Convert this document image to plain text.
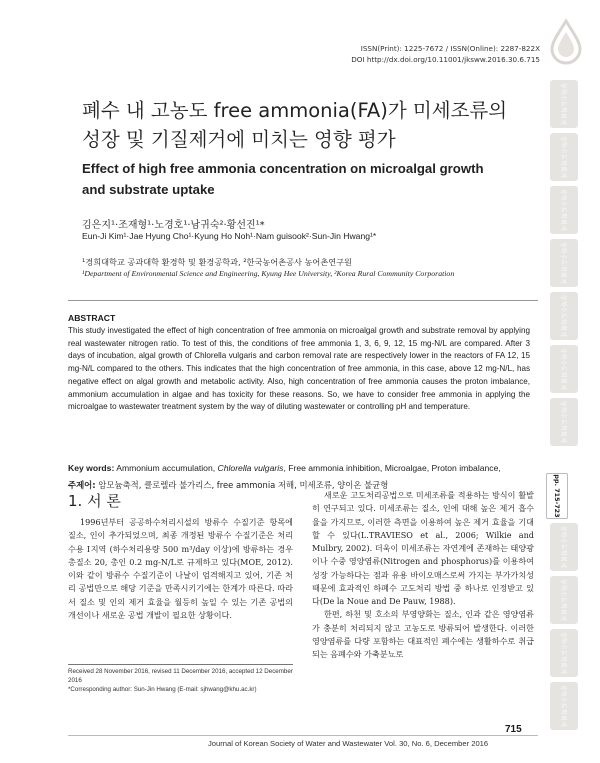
ISSN(Print): 1225-7672 / ISSN(Online): 2287-822X
DOI http://dx.doi.org/10.11001/jksww.2016.30.6.715
폐수 내 고농도 free ammonia(FA)가 미세조류의
성장 및 기질제거에 미치는 영향 평가
Effect of high free ammonia concentration on microalgal growth
and substrate uptake
김은지¹·조재형¹·노경호¹·남귀숙²·황선진¹*
Eun-Ji Kim¹·Jae Hyung Cho¹·Kyung Ho Noh¹·Nam guisook²·Sun-Jin Hwang¹*
¹경희대학교 공과대학 환경학 및 환경공학과, ²한국농어촌공사 농어촌연구원
¹Department of Environmental Science and Engineering, Kyung Hee University, ²Korea Rural Community Corporation
ABSTRACT
This study investigated the effect of high concentration of free ammonia on microalgal growth and substrate removal by applying real wastewater nitrogen ratio. To test of this, the conditions of free ammonia 1, 3, 6, 9, 12, 15 mg-N/L are compared. After 3 days of incubation, algal growth of Chlorella vulgaris and carbon removal rate are respectively lower in the reactors of FA 12, 15 mg-N/L compared to the others. This indicates that the high concentration of free ammonia, in this case, above 12 mg-N/L, has negative effect on algal growth and metabolic activity. Also, high concentration of free ammonia causes the proton imbalance, ammonium accumulation in algae and has toxicity for these reasons. So, we have to consider free ammonia in applying the microalgae to wastewater treatment system by the way of diluting wastewater or controlling pH and temperature.
Key words: Ammonium accumulation, Chlorella vulgaris, Free ammonia inhibition, Microalgae, Proton imbalance,
주제어: 암모늄축적, 클로렐라 불가리스, free ammonia 저해, 미세조류, 양이온 불균형
1. 서 론

1996년부터 공공하수처리시설의 방류수 수질기준 항목에 질소, 인이 추가되었으며, 최종 개정된 방류수 수질기준은 처리수용 Ⅰ지역 (하수처리용량 500 m³/day 이상)에 방류하는 경우 총질소 20, 총인 0.2 mg-N/L로 규제하고 있다(MOE, 2012). 이와 같이 방류수 수질기준이 나날이 엄격해지고 있어, 기존 처리 공법만으로 해당 기준을 만족시키기에는 한계가 따른다. 따라서 질소 및 인의 제거 효율을 월등히 높일 수 있는 기존 공법의 개선이나 새로운 공법 개발이 필요한 상황이다.

새로운 고도처리공법으로 미세조류를 적용하는 방식이 활발히 연구되고 있다. 미세조류는 질소, 인에 대해 높은 제거 흡수율을 가지므로, 이러한 측면을 이용하여 높은 제거 효율을 기대할 수 있다(L.TRAVIESO et al., 2006; Wilkie and Mulbry, 2002). 더욱이 미세조류는 자연계에 존재하는 태양광이나 수중 영양염류(Nitrogen and phosphorus)를 이용하여 성장 가능하다는 점과 유용 바이오매스로써 가지는 부가가치성 때문에 효과적인 하폐수 고도처리 방법 중 하나로 인정받고 있다(De la Noue and De Pauw, 1988).

한편, 하천 및 호소의 부영양화는 질소, 인과 같은 영양염류가 충분히 처리되지 않고 고농도로 방류되어 발생한다. 이러한 영양염류를 다량 포함하는 대표적인 폐수에는 생활하수로 취급되는 음폐수와 가축분뇨로

Received 28 November 2016, revised 11 December 2016, accepted 12 December 2016
*Corresponding author: Sun-Jin Hwang (E-mail: sjhwang@khu.ac.kr)
715
Journal of Korean Society of Water and Wastewater Vol. 30, No. 6, December 2016
상하수도학회지
상하수도학회지
상하수도학회지
상하수도학회지
상하수도학회지
상하수도학회지
상하수도학회지
pp. 715-723
상하수도학회지
상하수도학회지
상하수도학회지
상하수도학회지
